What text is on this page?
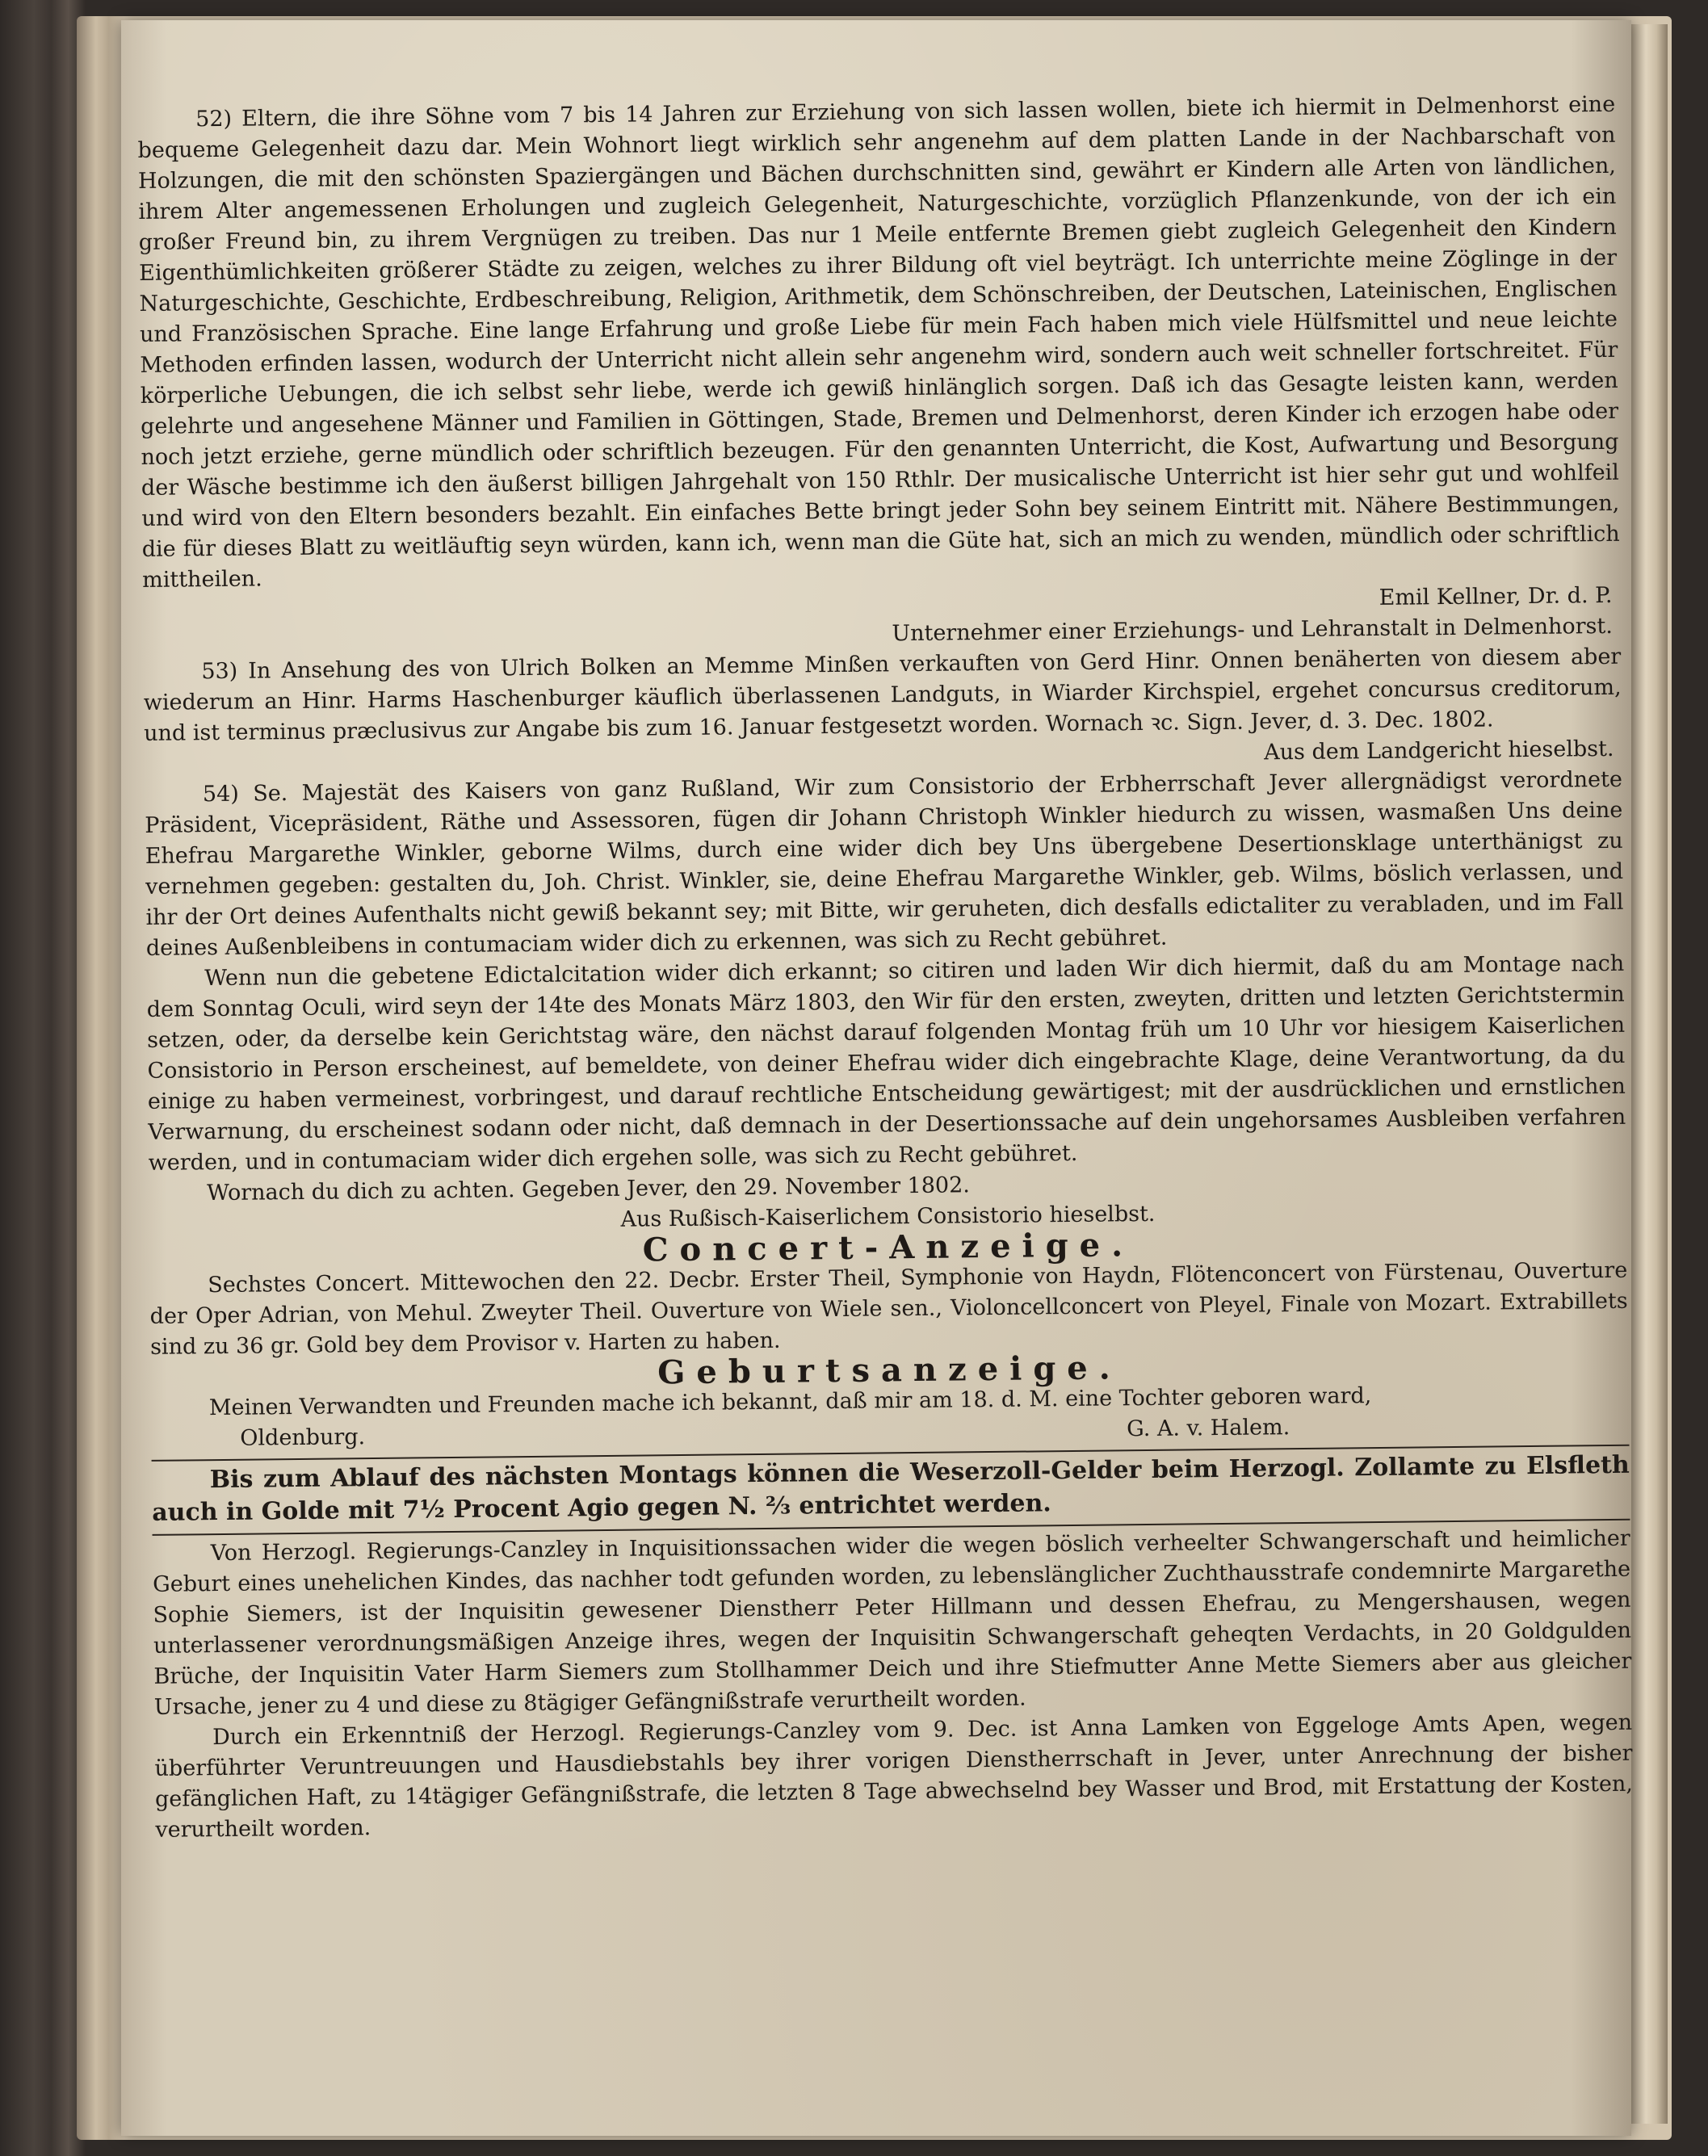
52) Eltern, die ihre Söhne vom 7 bis 14 Jahren zur Erziehung von sich lassen wollen, biete ich hiermit in Delmenhorst eine bequeme Gelegenheit dazu dar. Mein Wohnort liegt wirklich sehr angenehm auf dem platten Lande in der Nachbarschaft von Holzungen, die mit den schönsten Spaziergängen und Bächen durchschnitten sind, gewährt er Kindern alle Arten von ländlichen, ihrem Alter angemessenen Erholungen und zugleich Gelegenheit, Naturgeschichte, vorzüglich Pflanzenkunde, von der ich ein großer Freund bin, zu ihrem Vergnügen zu treiben. Das nur 1 Meile entfernte Bremen giebt zugleich Gelegenheit den Kindern Eigenthümlichkeiten größerer Städte zu zeigen, welches zu ihrer Bildung oft viel beyträgt. Ich unterrichte meine Zöglinge in der Naturgeschichte, Geschichte, Erdbeschreibung, Religion, Arithmetik, dem Schönschreiben, der Deutschen, Lateinischen, Englischen und Französischen Sprache. Eine lange Erfahrung und große Liebe für mein Fach haben mich viele Hülfsmittel und neue leichte Methoden erfinden lassen, wodurch der Unterricht nicht allein sehr angenehm wird, sondern auch weit schneller fortschreitet. Für körperliche Uebungen, die ich selbst sehr liebe, werde ich gewiß hinlänglich sorgen. Daß ich das Gesagte leisten kann, werden gelehrte und angesehene Männer und Familien in Göttingen, Stade, Bremen und Delmenhorst, deren Kinder ich erzogen habe oder noch jetzt erziehe, gerne mündlich oder schriftlich bezeugen. Für den genannten Unterricht, die Kost, Aufwartung und Besorgung der Wäsche bestimme ich den äußerst billigen Jahrgehalt von 150 Rthlr. Der musicalische Unterricht ist hier sehr gut und wohlfeil und wird von den Eltern besonders bezahlt. Ein einfaches Bette bringt jeder Sohn bey seinem Eintritt mit. Nähere Bestimmungen, die für dieses Blatt zu weitläuftig seyn würden, kann ich, wenn man die Güte hat, sich an mich zu wenden, mündlich oder schriftlich mittheilen.

Emil Kellner, Dr. d. P.

Unternehmer einer Erziehungs- und Lehranstalt in Delmenhorst.

53) In Ansehung des von Ulrich Bolken an Memme Minßen verkauften von Gerd Hinr. Onnen benäherten von diesem aber wiederum an Hinr. Harms Haschenburger käuflich überlassenen Landguts, in Wiarder Kirchspiel, ergehet concursus creditorum, und ist terminus præclusivus zur Angabe bis zum 16. Januar festgesetzt worden. Wornach ꝛc. Sign. Jever, d. 3. Dec. 1802.

Aus dem Landgericht hieselbst.

54) Se. Majestät des Kaisers von ganz Rußland, Wir zum Consistorio der Erbherrschaft Jever allergnädigst verordnete Präsident, Vicepräsident, Räthe und Assessoren, fügen dir Johann Christoph Winkler hiedurch zu wissen, wasmaßen Uns deine Ehefrau Margarethe Winkler, geborne Wilms, durch eine wider dich bey Uns übergebene Desertionsklage unterthänigst zu vernehmen gegeben: gestalten du, Joh. Christ. Winkler, sie, deine Ehefrau Margarethe Winkler, geb. Wilms, böslich verlassen, und ihr der Ort deines Aufenthalts nicht gewiß bekannt sey; mit Bitte, wir geruheten, dich desfalls edictaliter zu verabladen, und im Fall deines Außenbleibens in contumaciam wider dich zu erkennen, was sich zu Recht gebühret.

Wenn nun die gebetene Edictalcitation wider dich erkannt; so citiren und laden Wir dich hiermit, daß du am Montage nach dem Sonntag Oculi, wird seyn der 14te des Monats März 1803, den Wir für den ersten, zweyten, dritten und letzten Gerichtstermin setzen, oder, da derselbe kein Gerichtstag wäre, den nächst darauf folgenden Montag früh um 10 Uhr vor hiesigem Kaiserlichen Consistorio in Person erscheinest, auf bemeldete, von deiner Ehefrau wider dich eingebrachte Klage, deine Verantwortung, da du einige zu haben vermeinest, vorbringest, und darauf rechtliche Entscheidung gewärtigest; mit der ausdrücklichen und ernstlichen Verwarnung, du erscheinest sodann oder nicht, daß demnach in der Desertionssache auf dein ungehorsames Ausbleiben verfahren werden, und in contumaciam wider dich ergehen solle, was sich zu Recht gebühret.

Wornach du dich zu achten. Gegeben Jever, den 29. November 1802.

Aus Rußisch-Kaiserlichem Consistorio hieselbst.

Concert-Anzeige.

Sechstes Concert. Mittewochen den 22. Decbr. Erster Theil, Symphonie von Haydn, Flötenconcert von Fürstenau, Ouverture der Oper Adrian, von Mehul. Zweyter Theil. Ouverture von Wiele sen., Violoncellconcert von Pleyel, Finale von Mozart. Extrabillets sind zu 36 gr. Gold bey dem Provisor v. Harten zu haben.

Geburtsanzeige.

Meinen Verwandten und Freunden mache ich bekannt, daß mir am 18. d. M. eine Tochter geboren ward,

Oldenburg.	G. A. v. Halem.

Bis zum Ablauf des nächsten Montags können die Weserzoll-Gelder beim Herzogl. Zollamte zu Elsfleth auch in Golde mit 7½ Procent Agio gegen N. ⅔ entrichtet werden.

Von Herzogl. Regierungs-Canzley in Inquisitionssachen wider die wegen böslich verheelter Schwangerschaft und heimlicher Geburt eines unehelichen Kindes, das nachher todt gefunden worden, zu lebenslänglicher Zuchthausstrafe condemnirte Margarethe Sophie Siemers, ist der Inquisitin gewesener Dienstherr Peter Hillmann und dessen Ehefrau, zu Mengershausen, wegen unterlassener verordnungsmäßigen Anzeige ihres, wegen der Inquisitin Schwangerschaft geheqten Verdachts, in 20 Goldgulden Brüche, der Inquisitin Vater Harm Siemers zum Stollhammer Deich und ihre Stiefmutter Anne Mette Siemers aber aus gleicher Ursache, jener zu 4 und diese zu 8tägiger Gefängnißstrafe verurtheilt worden.

Durch ein Erkenntniß der Herzogl. Regierungs-Canzley vom 9. Dec. ist Anna Lamken von Eggeloge Amts Apen, wegen überführter Veruntreuungen und Hausdiebstahls bey ihrer vorigen Dienstherrschaft in Jever, unter Anrechnung der bisher gefänglichen Haft, zu 14tägiger Gefängnißstrafe, die letzten 8 Tage abwechselnd bey Wasser und Brod, mit Erstattung der Kosten, verurtheilt worden.
